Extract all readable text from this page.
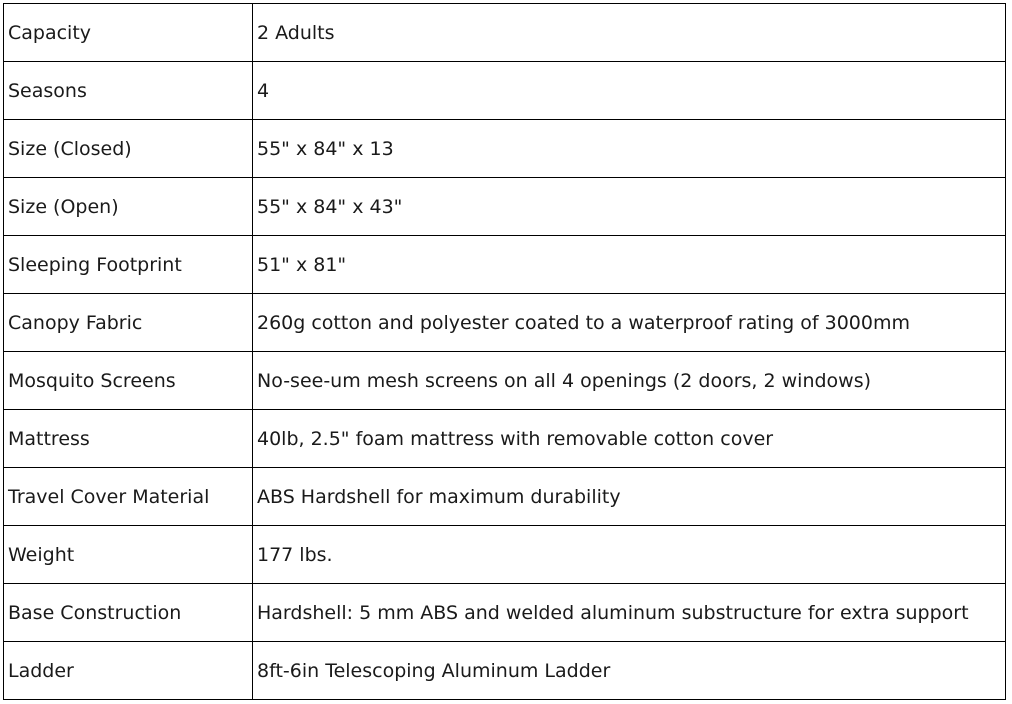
Capacity	2 Adults
Seasons	4
Size (Closed)	55" x 84" x 13
Size (Open)	55" x 84" x 43"
Sleeping Footprint	51" x 81"
Canopy Fabric	260g cotton and polyester coated to a waterproof rating of 3000mm
Mosquito Screens	No-see-um mesh screens on all 4 openings (2 doors, 2 windows)
Mattress	40lb, 2.5" foam mattress with removable cotton cover
Travel Cover Material	ABS Hardshell for maximum durability
Weight	177 lbs.
Base Construction	Hardshell: 5 mm ABS and welded aluminum substructure for extra support
Ladder	8ft-6in Telescoping Aluminum Ladder
